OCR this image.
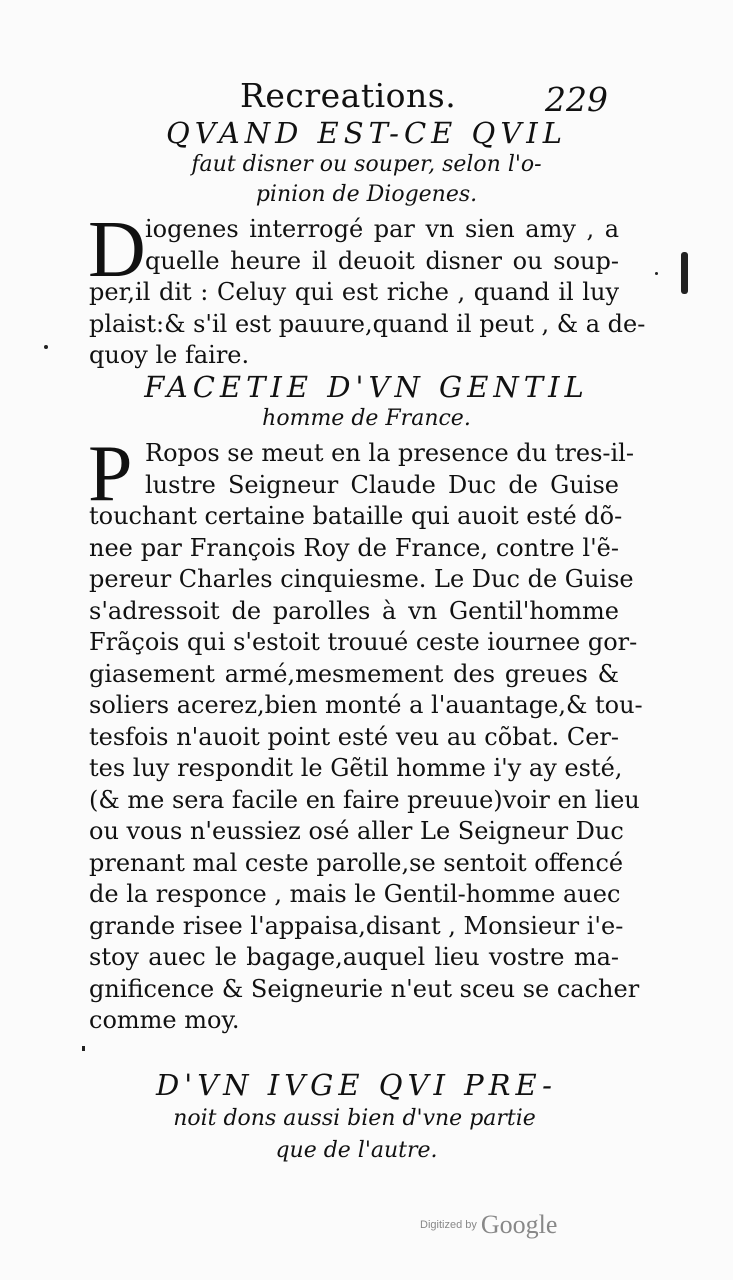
Recreations.	229
QVAND EST-CE QVIL
faut disner ou souper, selon l'o-
pinion de Diogenes.
D iogenes interrogé par vn sien amy , a
quelle heure il deuoit disner ou soup-
per,il dit : Celuy qui est riche , quand il luy
plaist:& s'il est pauure,quand il peut , & a de-
quoy le faire.
FACETIE D'VN GENTIL
homme de France.
P Ropos se meut en la presence du tres-il-
lustre Seigneur Claude Duc de Guise
touchant certaine bataille qui auoit esté dõ-
nee par François Roy de France, contre l'ẽ-
pereur Charles cinquiesme. Le Duc de Guise
s'adressoit de parolles à vn Gentil'homme
Frãçois qui s'estoit trouué ceste iournee gor-
giasement armé,mesmement des greues &
soliers acerez,bien monté a l'auantage,& tou-
tesfois n'auoit point esté veu au cõbat. Cer-
tes luy respondit le Gẽtil homme i'y ay esté,
(& me sera facile en faire preuue)voir en lieu
ou vous n'eussiez osé aller Le Seigneur Duc
prenant mal ceste parolle,se sentoit offencé
de la responce , mais le Gentil-homme auec
grande risee l'appaisa,disant , Monsieur i'e-
stoy auec le bagage,auquel lieu vostre ma-
gnificence & Seigneurie n'eut sceu se cacher
comme moy.
D'VN IVGE QVI PRE-
noit dons aussi bien d'vne partie
que de l'autre.
Digitized by Google
